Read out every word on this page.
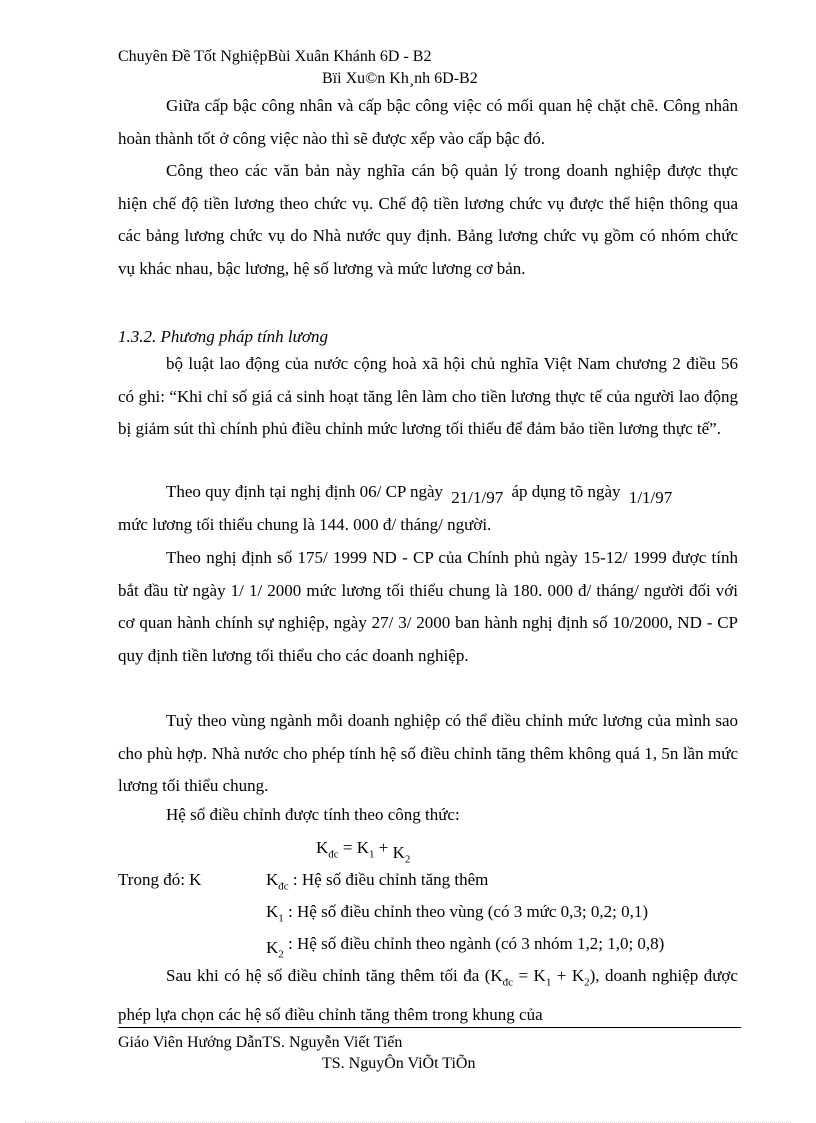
Chuyên Đề Tốt NghiệpBùi Xuân Khánh 6D - B2
Bïi Xu©n Kh¸nh 6D-B2
Giữa cấp bậc công nhân và cấp bậc công việc có mối quan hệ chặt chẽ. Công nhân hoàn thành tốt ở công việc nào thì sẽ được xếp vào cấp bậc đó.
Công theo các văn bản này nghĩa cán bộ quản lý trong doanh nghiệp được thực hiện chế độ tiền lương theo chức vụ. Chế độ tiền lương chức vụ được thể hiện thông qua các bảng lương chức vụ do Nhà nước quy định. Bảng lương chức vụ gồm có nhóm chức vụ khác nhau, bậc lương, hệ số lương và mức lương cơ bản.
1.3.2. Phương pháp tính lương
bộ luật lao động của nước cộng hoà xã hội chủ nghĩa Việt Nam chương 2 điều 56 có ghi: “Khi chỉ số giá cả sinh hoạt tăng lên làm cho tiền lương thực tế của người lao động bị giảm sút thì chính phủ điều chỉnh mức lương tối thiểu để đảm bảo tiền lương thực tế”.
Theo quy định tại nghị định 06/ CP ngày 21/1/97 áp dụng tõ ngày 1/1/97
mức lương tối thiểu chung là 144. 000 đ/ tháng/ người.
Theo nghị định số 175/ 1999 ND - CP của Chính phủ ngày 15-12/ 1999 được tính bắt đầu từ ngày 1/ 1/ 2000 mức lương tối thiểu chung là 180. 000 đ/ tháng/ người đối với cơ quan hành chính sự nghiệp, ngày 27/ 3/ 2000 ban hành nghị định số 10/2000, ND - CP quy định tiền lương tối thiểu cho các doanh nghiệp.
Tuỳ theo vùng ngành mỗi doanh nghiệp có thể điều chỉnh mức lương của mình sao cho phù hợp. Nhà nước cho phép tính hệ số điều chỉnh tăng thêm không quá 1, 5n lần mức lương tối thiểu chung.
Hệ số điều chỉnh được tính theo công thức:
$K_{đc} = K_1 + K_2$
Trong đó: K	$K_{đc}$ : Hệ số điều chỉnh tăng thêm
$K_1$ : Hệ số điều chỉnh theo vùng (có 3 mức 0,3; 0,2; 0,1)
$K_2$ : Hệ số điều chỉnh theo ngành (có 3 nhóm 1,2; 1,0; 0,8)
Sau khi có hệ số điều chỉnh tăng thêm tối đa $(K_{đc} = K_1 + K_2)$, doanh nghiệp được phép lựa chọn các hệ số điều chỉnh tăng thêm trong khung của
Giáo Viên Hướng DẫnTS. Nguyễn Viết Tiến
TS. NguyÔn ViÕt TiÕn
